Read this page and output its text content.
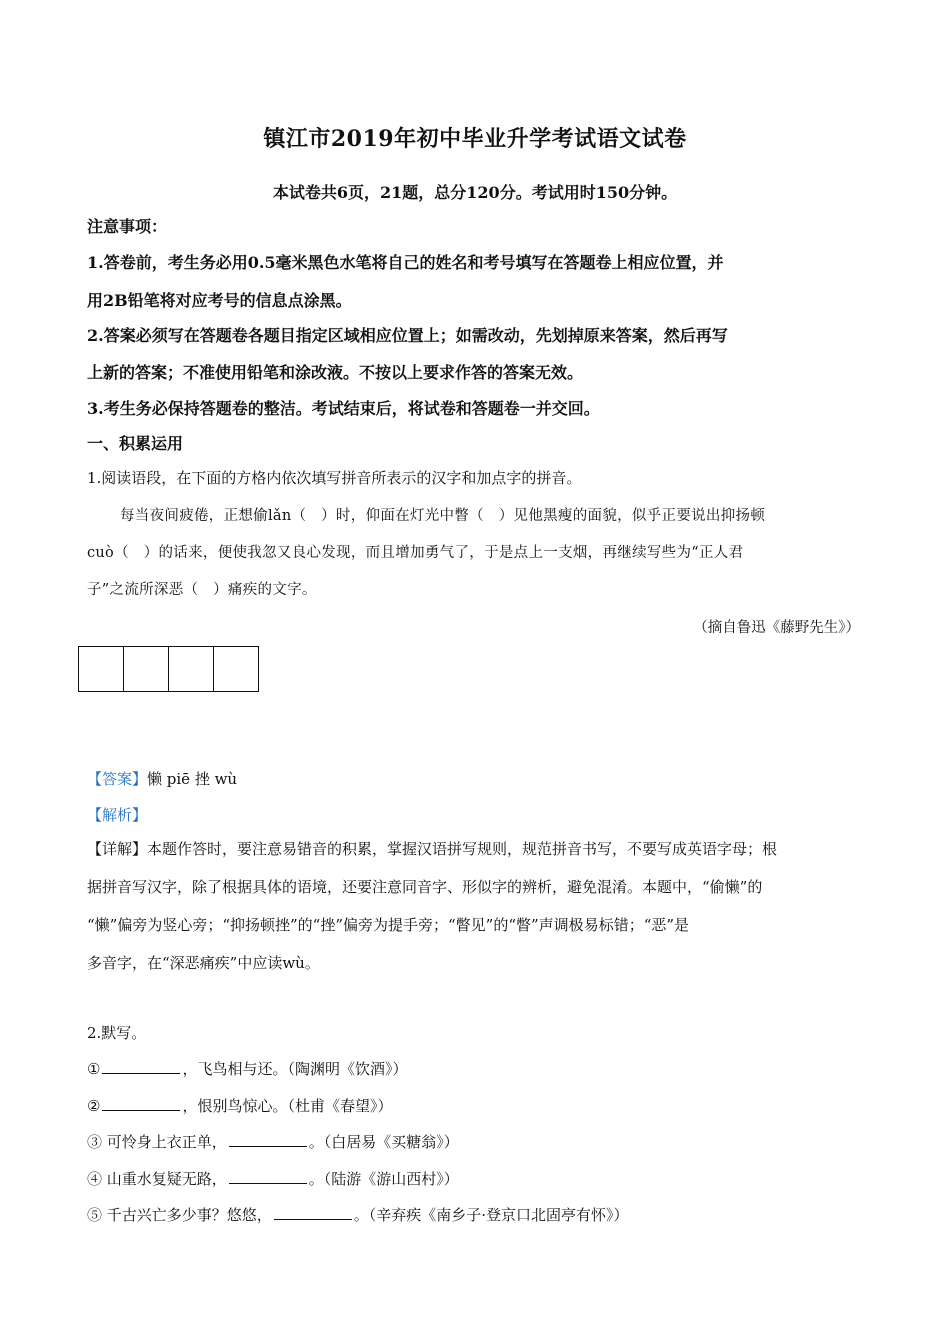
镇江市2019年初中毕业升学考试语文试卷
本试卷共6页，21题，总分120分。考试用时150分钟。
注意事项：
1.答卷前，考生务必用0.5毫米黑色水笔将自己的姓名和考号填写在答题卷上相应位置，并
用2B铅笔将对应考号的信息点涂黑。
2.答案必须写在答题卷各题目指定区域相应位置上；如需改动，先划掉原来答案，然后再写
上新的答案；不准使用铅笔和涂改液。不按以上要求作答的答案无效。
3.考生务必保持答题卷的整洁。考试结束后，将试卷和答题卷一并交回。
一、积累运用
1.阅读语段，在下面的方格内依次填写拼音所表示的汉字和加点字的拼音。
每当夜间疲倦，正想偷lǎn（　）时，仰面在灯光中瞥（　）见他黑瘦的面貌，似乎正要说出抑扬顿
cuò（　）的话来，便使我忽又良心发现，而且增加勇气了，于是点上一支烟，再继续写些为“正人君
子”之流所深恶（　）痛疾的文字。
（摘自鲁迅《藤野先生》）
【答案】懒 piē 挫 wù
【解析】
【详解】本题作答时，要注意易错音的积累，掌握汉语拼写规则，规范拼音书写，不要写成英语字母；根
据拼音写汉字，除了根据具体的语境，还要注意同音字、形似字的辨析，避免混淆。本题中，“偷懒”的
“懒”偏旁为竖心旁；“抑扬顿挫”的“挫”偏旁为提手旁；“瞥见”的“瞥”声调极易标错；“恶”是
多音字，在“深恶痛疾”中应读wù。
2.默写。
①	，飞鸟相与还。（陶渊明《饮酒》）
②	，恨别鸟惊心。（杜甫《春望》）
③ 可怜身上衣正单，	。（白居易《买糖翁》）
④ 山重水复疑无路，	。（陆游《游山西村》）
⑤ 千古兴亡多少事？悠悠，	。（辛弃疾《南乡子·登京口北固亭有怀》）
